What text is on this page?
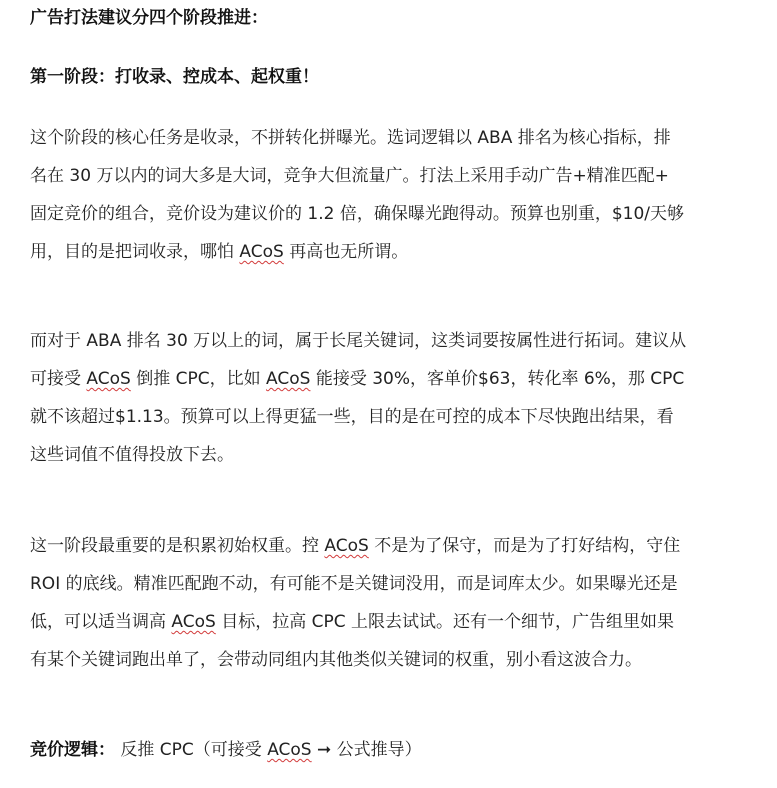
广告打法建议分四个阶段推进：
第一阶段：打收录、控成本、起权重！

这个阶段的核心任务是收录，不拼转化拼曝光。选词逻辑以 ABA 排名为核心指标，排
名在 30 万以内的词大多是大词，竞争大但流量广。打法上采用手动广告+精准匹配+
固定竞价的组合，竞价设为建议价的 1.2 倍，确保曝光跑得动。预算也别重，$10/天够
用，目的是把词收录，哪怕 ACoS 再高也无所谓。

而对于 ABA 排名 30 万以上的词，属于长尾关键词，这类词要按属性进行拓词。建议从
可接受 ACoS 倒推 CPC，比如 ACoS 能接受 30%，客单价$63，转化率 6%，那 CPC
就不该超过$1.13。预算可以上得更猛一些，目的是在可控的成本下尽快跑出结果，看
这些词值不值得投放下去。

这一阶段最重要的是积累初始权重。控 ACoS 不是为了保守，而是为了打好结构，守住
ROI 的底线。精准匹配跑不动，有可能不是关键词没用，而是词库太少。如果曝光还是
低，可以适当调高 ACoS 目标，拉高 CPC 上限去试试。还有一个细节，广告组里如果
有某个关键词跑出单了，会带动同组内其他类似关键词的权重，别小看这波合力。

竞价逻辑： 反推 CPC（可接受 ACoS ➞ 公式推导）
